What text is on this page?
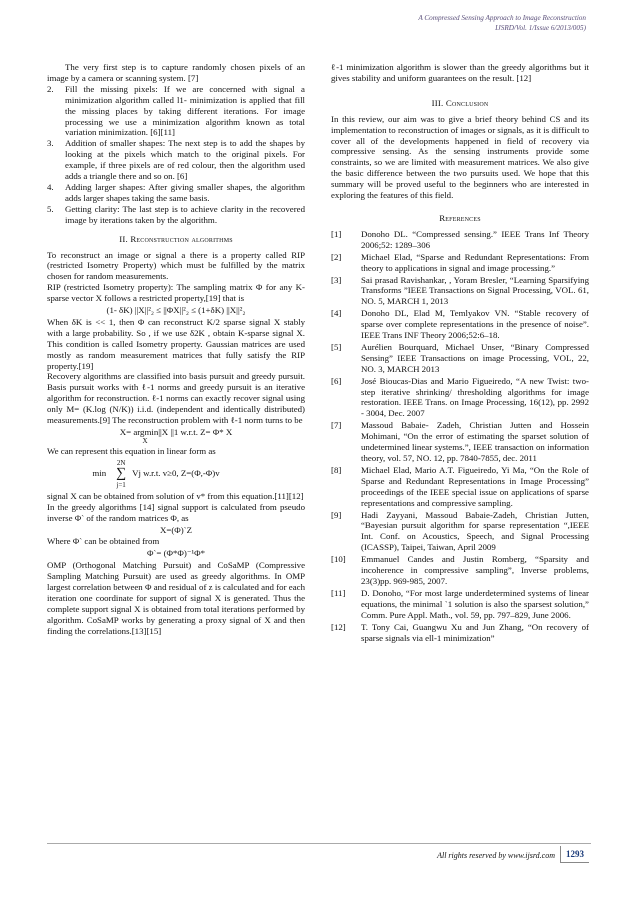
A Compressed Sensing Approach to Image Reconstruction
IJSRD/Vol. 1/Issue 6/2013/005)

The very first step is to capture randomly chosen pixels of an image by a camera or scanning system. [7]

2. Fill the missing pixels: If we are concerned with signal a minimization algorithm called l1- minimization is applied that fill the missing places by taking different iterations. For image processing we use a minimization algorithm known as total variation minimization. [6][11]
3. Addition of smaller shapes: The next step is to add the shapes by looking at the pixels which match to the original pixels. For example, if three pixels are of red colour, then the algorithm used adds a triangle there and so on. [6]
4. Adding larger shapes: After giving smaller shapes, the algorithm adds larger shapes taking the same basis.
5. Getting clarity: The last step is to achieve clarity in the recovered image by iterations taken by the algorithm.
II. Reconstruction algorithms

To reconstruct an image or signal a there is a property called RIP (restricted Isometry Property) which must be fulfilled by the matrix chosen for random measurements.

RIP (restricted Isometry property): The sampling matrix Φ for any K-sparse vector X follows a restricted property,[19] that is

(1- δK) ||X||²₂ ≤ ||ΦX||²₂ ≤ (1+δK) ||X||²₂

When δK is << 1, then Φ can reconstruct K/2 sparse signal X stably with a large probability. So , if we use δ2K , obtain K-sparse signal X. This condition is called Isometry property. Gaussian matrices are used mostly as random measurement matrices that fully satisfy the RIP property.[19]

Recovery algorithms are classified into basis pursuit and greedy pursuit. Basis pursuit works with ℓ-1 norms and greedy pursuit is an iterative algorithm for reconstruction. ℓ-1 norms can exactly recover signal using only M= (K.log (N/K)) i.i.d. (independent and identically distributed) measurements.[9] The reconstruction problem with ℓ-1 norm turns to be

X= argmin||X ||1 w.r.t. Z= Φ* X
X

We can represent this equation in linear form as

min
2N
∑
j=1
Vj w.r.t. v≥0, Z=(Φ,-Φ)v

signal X can be obtained from solution of v* from this equation.[11][12]

In the greedy algorithms [14] signal support is calculated from pseudo inverse Φ` of the random matrices Φ, as

X=(Φ)`Z

Where Φ` can be obtained from

Φ`= (Φ*Φ)⁻¹Φ*

OMP (Orthogonal Matching Pursuit) and CoSaMP (Compressive Sampling Matching Pursuit) are used as greedy algorithms. In OMP largest correlation between Φ and residual of z is calculated and for each iteration one coordinate for support of signal X is generated. Thus the complete support signal X is obtained from total iterations performed by algorithm. CoSaMP works by generating a proxy signal of X and then finding the correlations.[13][15]

ℓ-1 minimization algorithm is slower than the greedy algorithms but it gives stability and uniform guarantees on the result. [12]

III. Conclusion

In this review, our aim was to give a brief theory behind CS and its implementation to reconstruction of images or signals, as it is difficult to cover all of the developments happened in field of recovery via compressive sensing. As the sensing instruments provide some constraints, so we are limited with measurement matrices. We also give the basic difference between the two pursuits used. We hope that this summary will be proved useful to the beginners who are interested in exploring the features of this field.

References
[1] Donoho DL. “Compressed sensing.” IEEE Trans Inf Theory 2006;52: 1289–306
[2] Michael Elad, “Sparse and Redundant Representations: From theory to applications in signal and image processing.”
[3] Sai prasad Ravishankar, , Yoram Bresler, “Learning Sparsifying Transforms ”IEEE Transactions on Signal Processing, VOL. 61, NO. 5, MARCH 1, 2013
[4] Donoho DL, Elad M, Temlyakov VN. “Stable recovery of sparse over complete representations in the presence of noise”. IEEE Trans INF Theory 2006;52:6–18.
[5] Aurélien Bourquard, Michael Unser, “Binary Compressed Sensing” IEEE Transactions on image Processing, VOL, 22, NO. 3, MARCH 2013
[6] José Bioucas-Dias and Mario Figueiredo, “A new Twist: two-step iterative shrinking/ thresholding algorithms for image restoration. IEEE Trans. on Image Processing, 16(12), pp. 2992 - 3004, Dec. 2007
[7] Massoud Babaie- Zadeh, Christian Jutten and Hossein Mohimani, “On the error of estimating the sparset solution of undetermined linear systems.”, IEEE transaction on information theory, vol. 57, NO. 12, pp. 7840-7855, dec. 2011
[8] Michael Elad, Mario A.T. Figueiredo, Yi Ma, “On the Role of Sparse and Redundant Representations in Image Processing” proceedings of the IEEE special issue on applications of sparse representations and compressive sampling.
[9] Hadi Zayyani, Massoud Babaie-Zadeh, Christian Jutten, “Bayesian pursuit algorithm for sparse representation “,IEEE Int. Conf. on Acoustics, Speech, and Signal Processing (ICASSP), Taipei, Taiwan, April 2009
[10] Emmanuel Candes and Justin Romberg, “Sparsity and incoherence in compressive sampling”, Inverse problems, 23(3)pp. 969-985, 2007.
[11] D. Donoho, “For most large underdetermined systems of linear equations, the minimal `1 solution is also the sparsest solution,” Comm. Pure Appl. Math., vol. 59, pp. 797–829, June 2006.
[12] T. Tony Cai, Guangwu Xu and Jun Zhang, “On recovery of sparse signals via ell-1 minimization”
All rights reserved by www.ijsrd.com	1293
